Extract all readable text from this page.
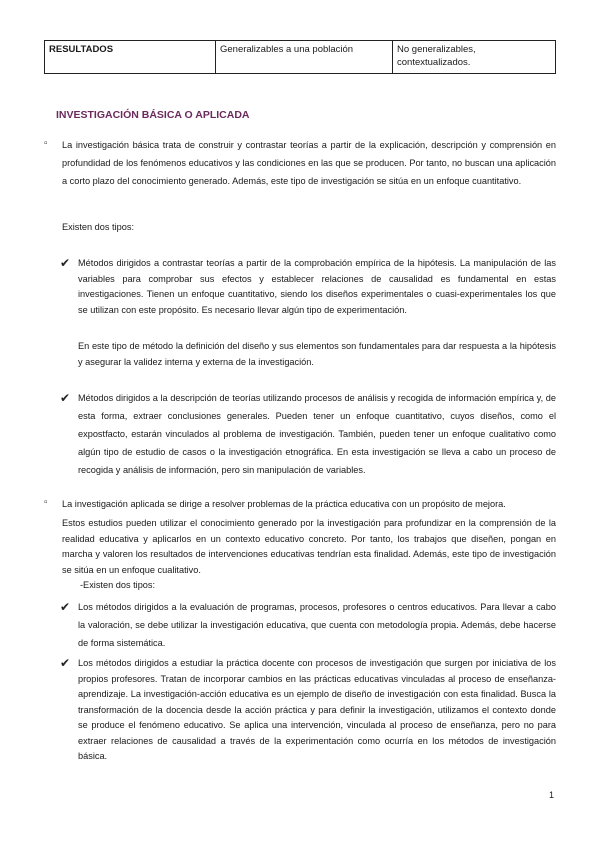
RESULTADOS	Generalizables a una población	No generalizables, contextualizados.
INVESTIGACIÓN BÁSICA O APLICADA
▫ La investigación básica trata de construir y contrastar teorías a partir de la explicación, descripción y comprensión en profundidad de los fenómenos educativos y las condiciones en las que se producen. Por tanto, no buscan una aplicación a corto plazo del conocimiento generado. Además, este tipo de investigación se sitúa en un enfoque cuantitativo.
Existen dos tipos:
✔ Métodos dirigidos a contrastar teorías a partir de la comprobación empírica de la hipótesis. La manipulación de las variables para comprobar sus efectos y establecer relaciones de causalidad es fundamental en estas investigaciones. Tienen un enfoque cuantitativo, siendo los diseños experimentales o cuasi-experimentales los que se utilizan con este propósito. Es necesario llevar algún tipo de experimentación.
En este tipo de método la definición del diseño y sus elementos son fundamentales para dar respuesta a la hipótesis y asegurar la validez interna y externa de la investigación.
✔ Métodos dirigidos a la descripción de teorías utilizando procesos de análisis y recogida de información empírica y, de esta forma, extraer conclusiones generales. Pueden tener un enfoque cuantitativo, cuyos diseños, como el expostfacto, estarán vinculados al problema de investigación. También, pueden tener un enfoque cualitativo como algún tipo de estudio de casos o la investigación etnográfica. En esta investigación se lleva a cabo un proceso de recogida y análisis de información, pero sin manipulación de variables.
▫ La investigación aplicada se dirige a resolver problemas de la práctica educativa con un propósito de mejora.
Estos estudios pueden utilizar el conocimiento generado por la investigación para profundizar en la comprensión de la realidad educativa y aplicarlos en un contexto educativo concreto. Por tanto, los trabajos que diseñen, pongan en marcha y valoren los resultados de intervenciones educativas tendrían esta finalidad. Además, este tipo de investigación se sitúa en un enfoque cualitativo.
-Existen dos tipos:
✔ Los métodos dirigidos a la evaluación de programas, procesos, profesores o centros educativos. Para llevar a cabo la valoración, se debe utilizar la investigación educativa, que cuenta con metodología propia. Además, debe hacerse de forma sistemática.
✔ Los métodos dirigidos a estudiar la práctica docente con procesos de investigación que surgen por iniciativa de los propios profesores. Tratan de incorporar cambios en las prácticas educativas vinculadas al proceso de enseñanza-aprendizaje. La investigación-acción educativa es un ejemplo de diseño de investigación con esta finalidad. Busca la transformación de la docencia desde la acción práctica y para definir la investigación, utilizamos el contexto donde se produce el fenómeno educativo. Se aplica una intervención, vinculada al proceso de enseñanza, pero no para extraer relaciones de causalidad a través de la experimentación como ocurría en los métodos de investigación básica.
1
